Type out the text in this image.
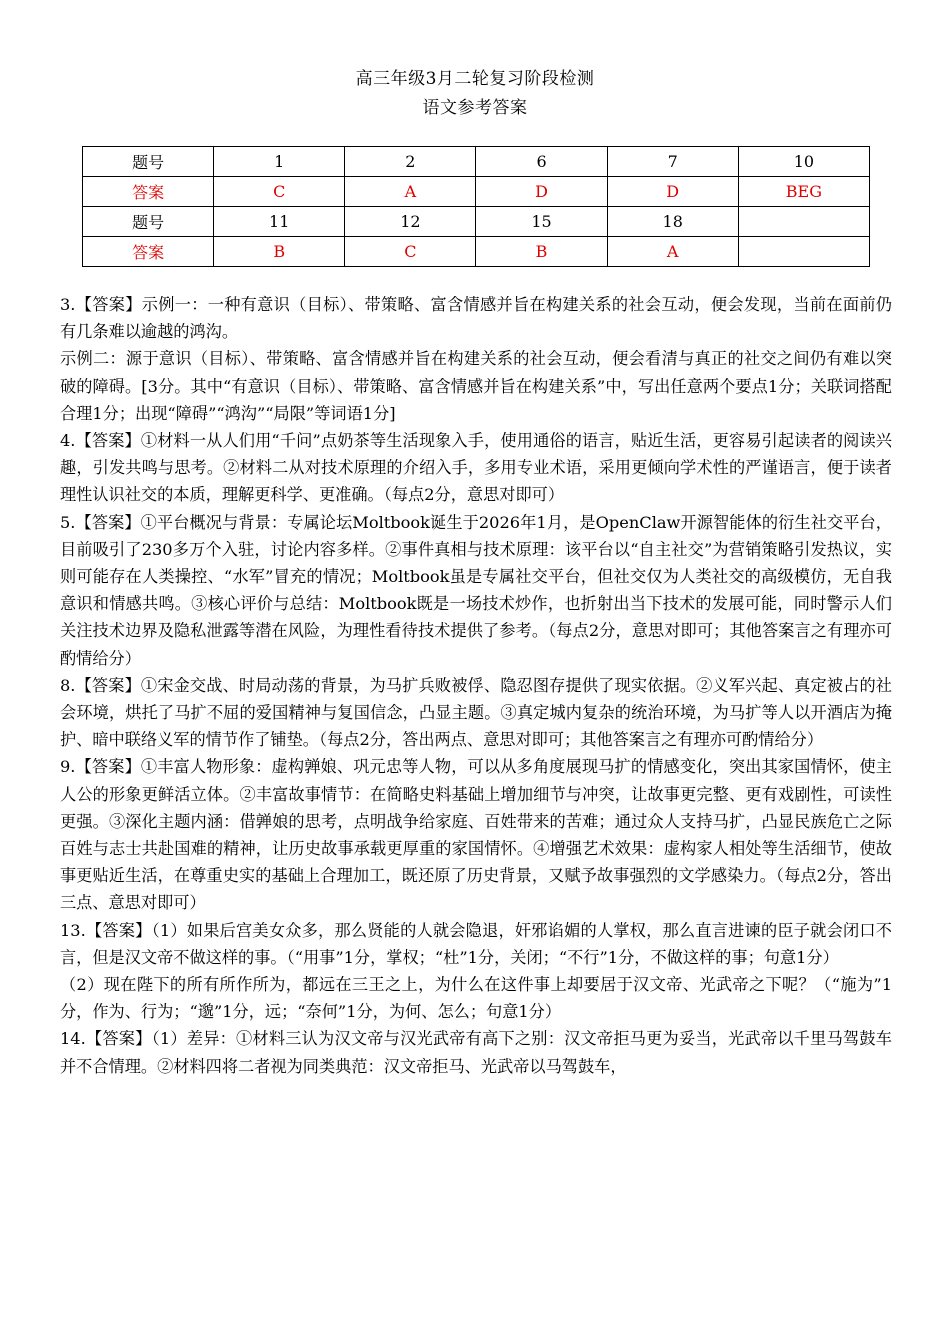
高三年级3月二轮复习阶段检测
语文参考答案
题号	1	2	6	7	10
答案	C	A	D	D	BEG
题号	11	12	15	18	
答案	B	C	B	A	

3.【答案】示例一：一种有意识（目标）、带策略、富含情感并旨在构建关系的社会互动，便会发现，当前在面前仍有几条难以逾越的鸿沟。

示例二：源于意识（目标）、带策略、富含情感并旨在构建关系的社会互动，便会看清与真正的社交之间仍有难以突破的障碍。[3分。其中“有意识（目标）、带策略、富含情感并旨在构建关系”中，写出任意两个要点1分；关联词搭配合理1分；出现“障碍”“鸿沟”“局限”等词语1分]

4.【答案】①材料一从人们用“千问”点奶茶等生活现象入手，使用通俗的语言，贴近生活，更容易引起读者的阅读兴趣，引发共鸣与思考。②材料二从对技术原理的介绍入手，多用专业术语，采用更倾向学术性的严谨语言，便于读者理性认识社交的本质，理解更科学、更准确。（每点2分，意思对即可）

5.【答案】①平台概况与背景：专属论坛Moltbook诞生于2026年1月，是OpenClaw开源智能体的衍生社交平台，目前吸引了230多万个入驻，讨论内容多样。②事件真相与技术原理：该平台以“自主社交”为营销策略引发热议，实则可能存在人类操控、“水军”冒充的情况；Moltbook虽是专属社交平台，但社交仅为人类社交的高级模仿，无自我意识和情感共鸣。③核心评价与总结：Moltbook既是一场技术炒作，也折射出当下技术的发展可能，同时警示人们关注技术边界及隐私泄露等潜在风险，为理性看待技术提供了参考。（每点2分，意思对即可；其他答案言之有理亦可酌情给分）

8.【答案】①宋金交战、时局动荡的背景，为马扩兵败被俘、隐忍图存提供了现实依据。②义军兴起、真定被占的社会环境，烘托了马扩不屈的爱国精神与复国信念，凸显主题。③真定城内复杂的统治环境，为马扩等人以开酒店为掩护、暗中联络义军的情节作了铺垫。（每点2分，答出两点、意思对即可；其他答案言之有理亦可酌情给分）

9.【答案】①丰富人物形象：虚构亸娘、巩元忠等人物，可以从多角度展现马扩的情感变化，突出其家国情怀，使主人公的形象更鲜活立体。②丰富故事情节：在简略史料基础上增加细节与冲突，让故事更完整、更有戏剧性，可读性更强。③深化主题内涵：借亸娘的思考，点明战争给家庭、百姓带来的苦难；通过众人支持马扩，凸显民族危亡之际百姓与志士共赴国难的精神，让历史故事承载更厚重的家国情怀。④增强艺术效果：虚构家人相处等生活细节，使故事更贴近生活，在尊重史实的基础上合理加工，既还原了历史背景，又赋予故事强烈的文学感染力。（每点2分，答出三点、意思对即可）

13.【答案】（1）如果后宫美女众多，那么贤能的人就会隐退，奸邪谄媚的人掌权，那么直言进谏的臣子就会闭口不言，但是汉文帝不做这样的事。（“用事”1分，掌权；“杜”1分，关闭；“不行”1分，不做这样的事；句意1分）

（2）现在陛下的所有所作所为，都远在三王之上，为什么在这件事上却要居于汉文帝、光武帝之下呢？（“施为”1分，作为、行为；“邈”1分，远；“奈何”1分，为何、怎么；句意1分）

14.【答案】（1）差异：①材料三认为汉文帝与汉光武帝有高下之别：汉文帝拒马更为妥当，光武帝以千里马驾鼓车并不合情理。②材料四将二者视为同类典范：汉文帝拒马、光武帝以马驾鼓车，
